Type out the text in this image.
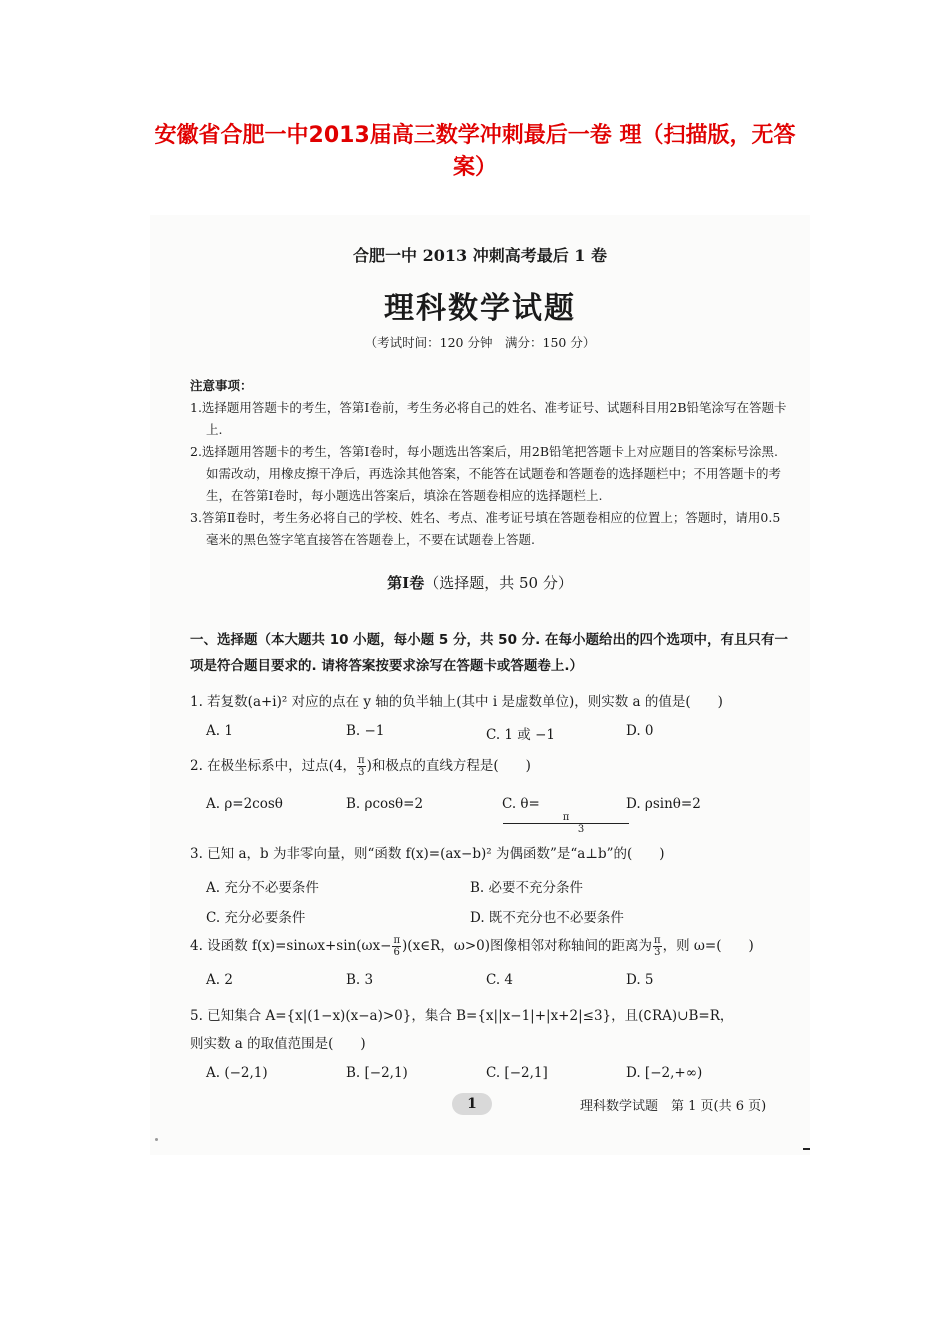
安徽省合肥一中2013届高三数学冲刺最后一卷 理（扫描版，无答案）
合肥一中 2013 冲刺高考最后 1 卷
理科数学试题
（考试时间：120 分钟　满分：150 分）
注意事项：
1.选择题用答题卡的考生，答第Ⅰ卷前，考生务必将自己的姓名、准考证号、试题科目用2B铅笔涂写在答题卡上.
2.选择题用答题卡的考生，答第Ⅰ卷时，每小题选出答案后，用2B铅笔把答题卡上对应题目的答案标号涂黑.如需改动，用橡皮擦干净后，再选涂其他答案，不能答在试题卷和答题卷的选择题栏中；不用答题卡的考生，在答第Ⅰ卷时，每小题选出答案后，填涂在答题卷相应的选择题栏上.
3.答第Ⅱ卷时，考生务必将自己的学校、姓名、考点、准考证号填在答题卷相应的位置上；答题时，请用0.5毫米的黑色签字笔直接答在答题卷上，不要在试题卷上答题.
第Ⅰ卷（选择题，共 50 分）
一、选择题（本大题共 10 小题，每小题 5 分，共 50 分. 在每小题给出的四个选项中，有且只有一项是符合题目要求的. 请将答案按要求涂写在答题卡或答题卷上.）
1. 若复数(a+i)² 对应的点在 y 轴的负半轴上(其中 i 是虚数单位)，则实数 a 的值是(　　)
A. 1	B. −1	C. 1 或 −1	D. 0
2. 在极坐标系中，过点(4， $\frac{\pi}{3}$ )和极点的直线方程是(　　)
A. ρ=2cosθ	B. ρcosθ=2	C. $\theta=\frac{\pi}{3}$
D. ρsinθ=2
3. 已知 a，b 为非零向量，则“函数 f(x)=(ax−b)² 为偶函数”是“a⊥b”的(　　)
A. 充分不必要条件	B. 必要不充分条件
C. 充分必要条件	D. 既不充分也不必要条件
4. 设函数 $f(x)=\sin\omega x+\sin(\omega x- \frac{\pi}{6}$ )(x∈R，ω>0)图像相邻对称轴间的距离为 $\frac{\pi}{3}$ ，则 ω=(　　)
A. 2	B. 3	C. 4	D. 5
5. 已知集合 A={x|(1−x)(x−a)>0}，集合 B={x||x−1|+|x+2|≤3}，且(∁RA)∪B=R，
则实数 a 的取值范围是(　　)
A. (−2,1)	B. [−2,1)	C. [−2,1]	D. [−2,+∞)
1	理科数学试题　第 1 页(共 6 页)
